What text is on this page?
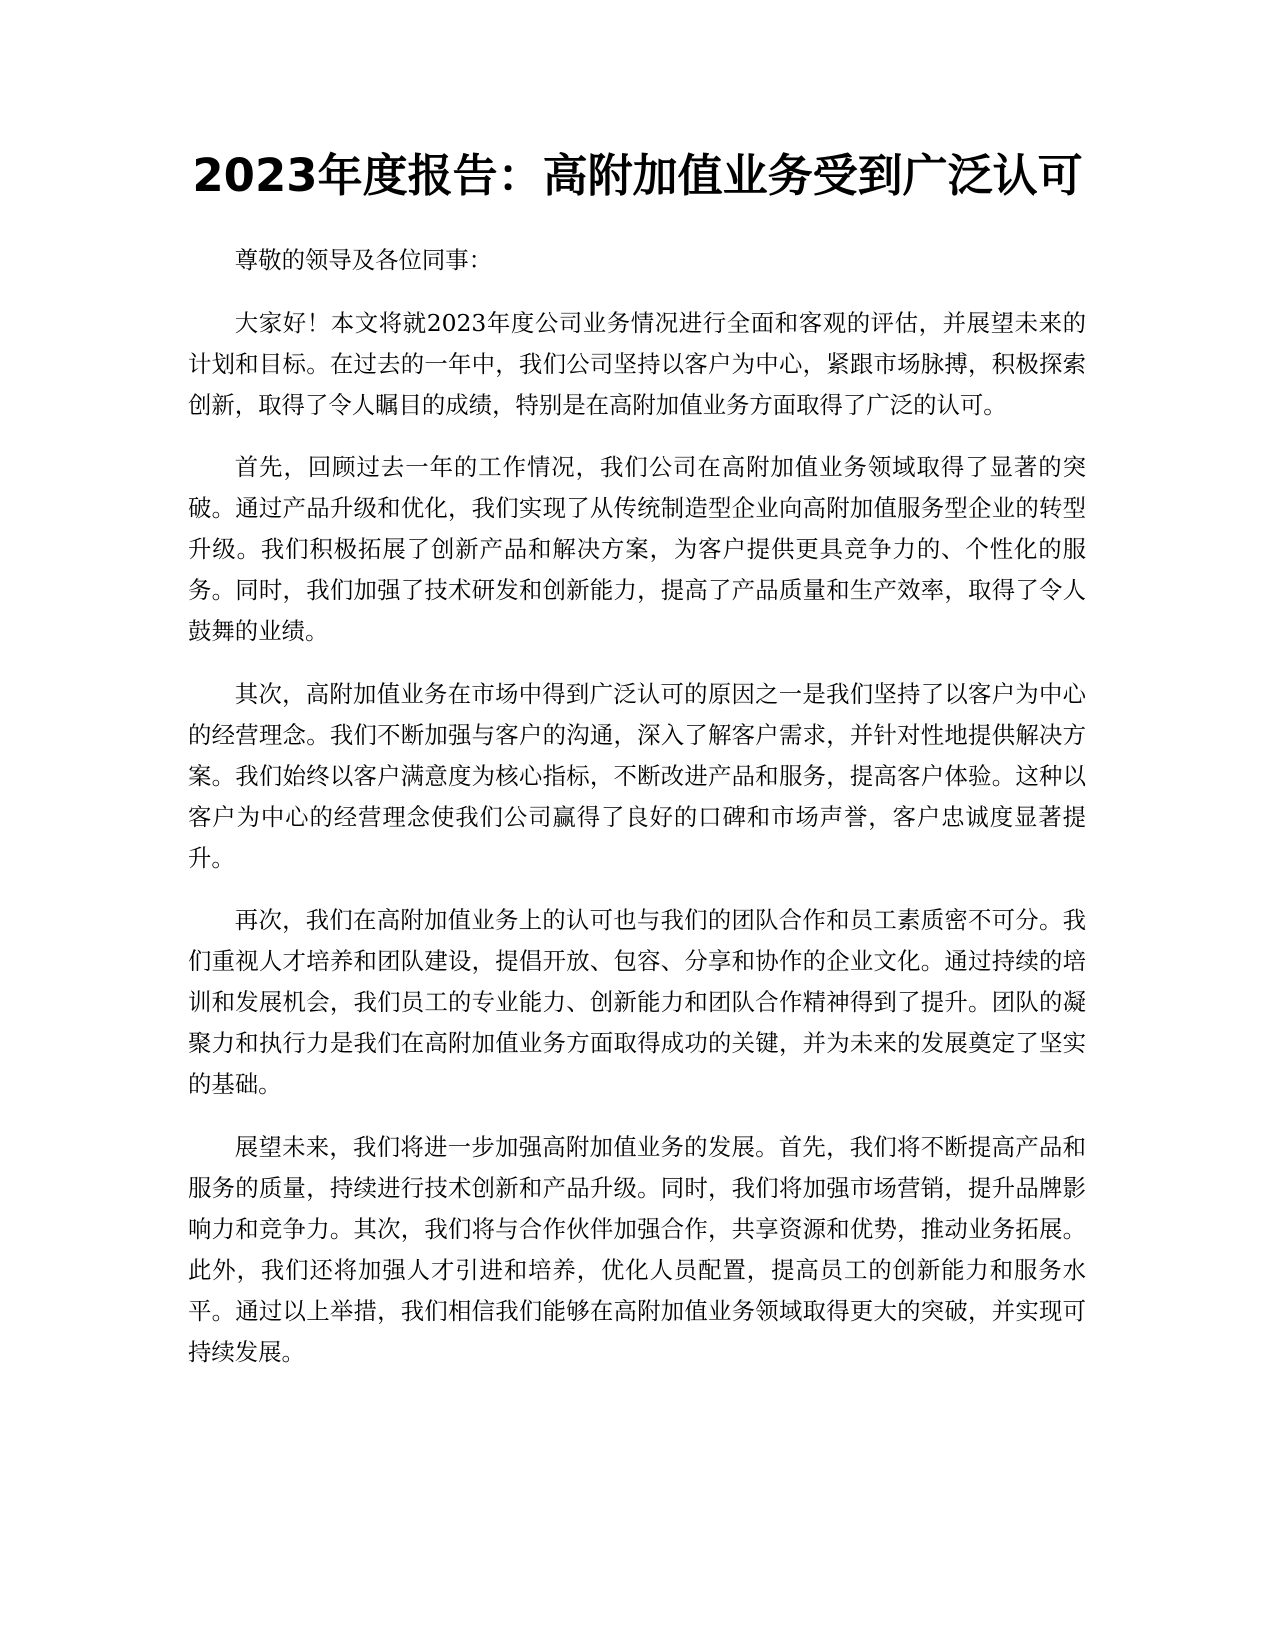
2023年度报告：高附加值业务受到广泛认可

尊敬的领导及各位同事：

大家好！本文将就2023年度公司业务情况进行全面和客观的评估，并展望未来的计划和目标。在过去的一年中，我们公司坚持以客户为中心，紧跟市场脉搏，积极探索创新，取得了令人瞩目的成绩，特别是在高附加值业务方面取得了广泛的认可。

首先，回顾过去一年的工作情况，我们公司在高附加值业务领域取得了显著的突破。通过产品升级和优化，我们实现了从传统制造型企业向高附加值服务型企业的转型升级。我们积极拓展了创新产品和解决方案，为客户提供更具竞争力的、个性化的服务。同时，我们加强了技术研发和创新能力，提高了产品质量和生产效率，取得了令人鼓舞的业绩。

其次，高附加值业务在市场中得到广泛认可的原因之一是我们坚持了以客户为中心的经营理念。我们不断加强与客户的沟通，深入了解客户需求，并针对性地提供解决方案。我们始终以客户满意度为核心指标，不断改进产品和服务，提高客户体验。这种以客户为中心的经营理念使我们公司赢得了良好的口碑和市场声誉，客户忠诚度显著提升。

再次，我们在高附加值业务上的认可也与我们的团队合作和员工素质密不可分。我们重视人才培养和团队建设，提倡开放、包容、分享和协作的企业文化。通过持续的培训和发展机会，我们员工的专业能力、创新能力和团队合作精神得到了提升。团队的凝聚力和执行力是我们在高附加值业务方面取得成功的关键，并为未来的发展奠定了坚实的基础。

展望未来，我们将进一步加强高附加值业务的发展。首先，我们将不断提高产品和服务的质量，持续进行技术创新和产品升级。同时，我们将加强市场营销，提升品牌影响力和竞争力。其次，我们将与合作伙伴加强合作，共享资源和优势，推动业务拓展。此外，我们还将加强人才引进和培养，优化人员配置，提高员工的创新能力和服务水平。通过以上举措，我们相信我们能够在高附加值业务领域取得更大的突破，并实现可持续发展。
